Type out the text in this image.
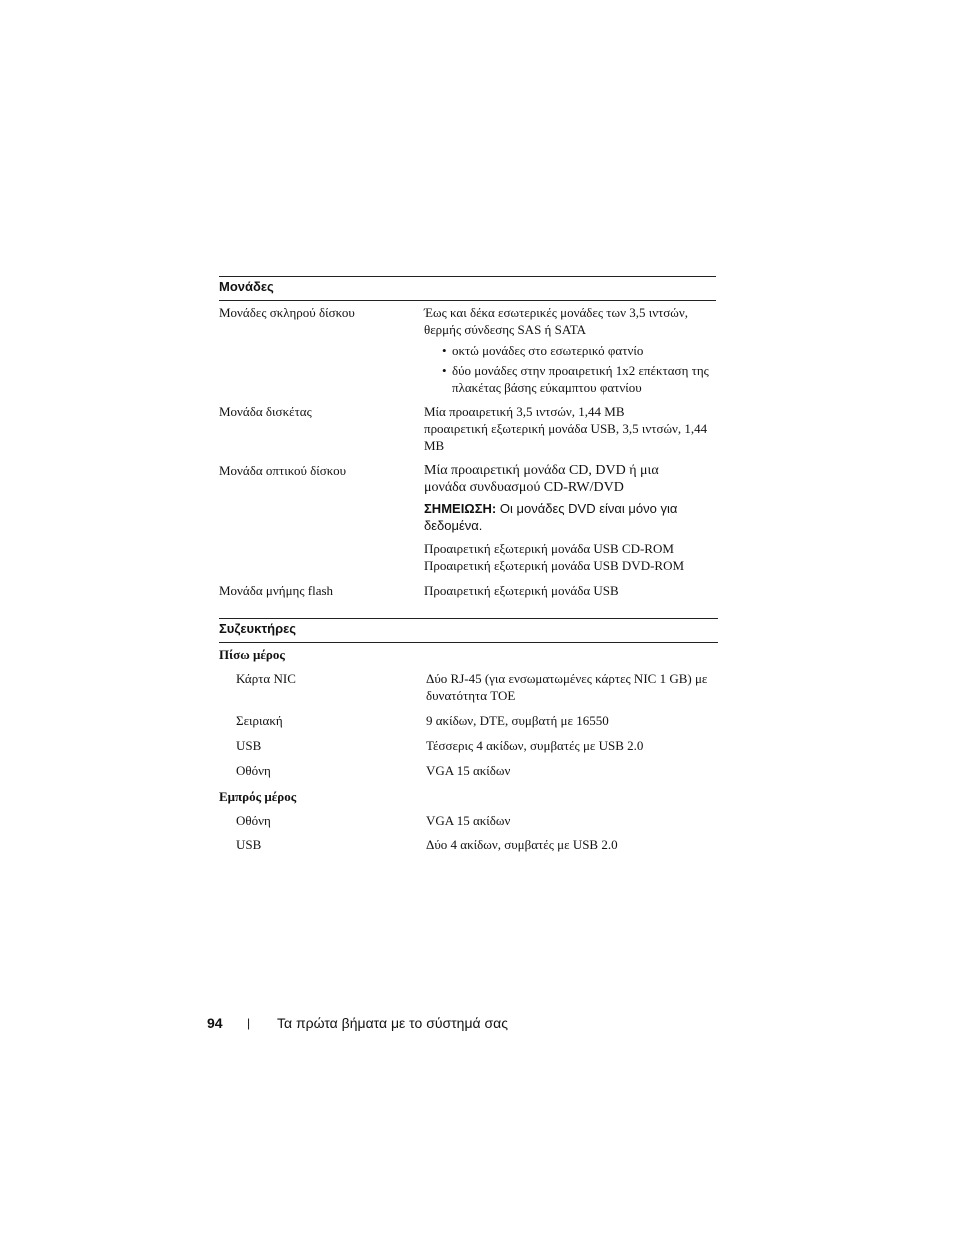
Μονάδες
Μονάδες σκληρού δίσκου	Έως και δέκα εσωτερικές μονάδες των 3,5 ιντσών, θερμής σύνδεσης SAS ή SATA

• οκτώ μονάδες στο εσωτερικό φατνίο
• δύο μονάδες στην προαιρετική 1x2 επέκταση της πλακέτας βάσης εύκαμπτου φατνίου
Μονάδα δισκέτας	Μία προαιρετική 3,5 ιντσών, 1,44 MB

προαιρετική εξωτερική μονάδα USB, 3,5 ιντσών, 1,44 MB

Μονάδα οπτικού δίσκου	Μία προαιρετική μονάδα CD, DVD ή μια μονάδα συνδυασμού CD-RW/DVD

ΣΗΜΕΙΩΣΗ: Οι μονάδες DVD είναι μόνο για δεδομένα.

Προαιρετική εξωτερική μονάδα USB CD-ROM

Προαιρετική εξωτερική μονάδα USB DVD-ROM

Μονάδα μνήμης flash	Προαιρετική εξωτερική μονάδα USB
Συζευκτήρες
Πίσω μέρος
Κάρτα NIC	Δύο RJ-45 (για ενσωματωμένες κάρτες NIC 1 GB) με δυνατότητα TOE
Σειριακή	9 ακίδων, DTE, συμβατή με 16550
USB	Τέσσερις 4 ακίδων, συμβατές με USB 2.0
Οθόνη	VGA 15 ακίδων
Εμπρός μέρος
Οθόνη	VGA 15 ακίδων
USB	Δύο 4 ακίδων, συμβατές με USB 2.0
94 | Τα πρώτα βήματα με το σύστημά σας
